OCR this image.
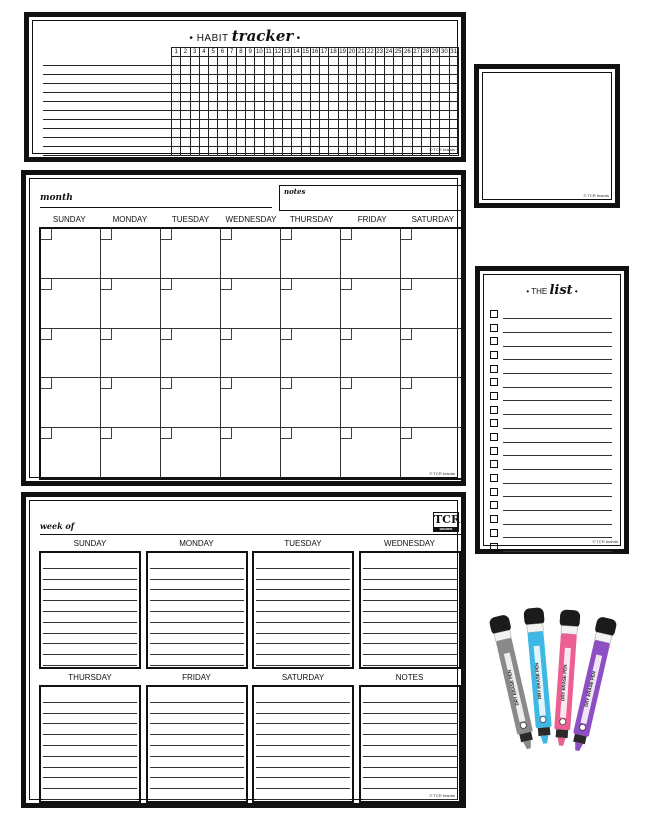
• HABIT tracker •
1 2 3 4 5 6 7 8 9 10 11 12 13 14 15 16 17 18 19 20 21 22 23 24 25 26 27 28 29 30 31
© TCR brands
© TCR brands
month
notes
SUNDAY	MONDAY	TUESDAY	WEDNESDAY	THURSDAY	FRIDAY	SATURDAY
© TCR brands
• THE list •
© TCR brands
week of	TCR
BRANDS
© TCR brands
SUNDAY	MONDAY	TUESDAY	WEDNESDAY
THURSDAY	FRIDAY	SATURDAY	NOTES	DRY ERASE PEN	DRY ERASE PEN	DRY ERASE PEN	DRY ERASE PEN
